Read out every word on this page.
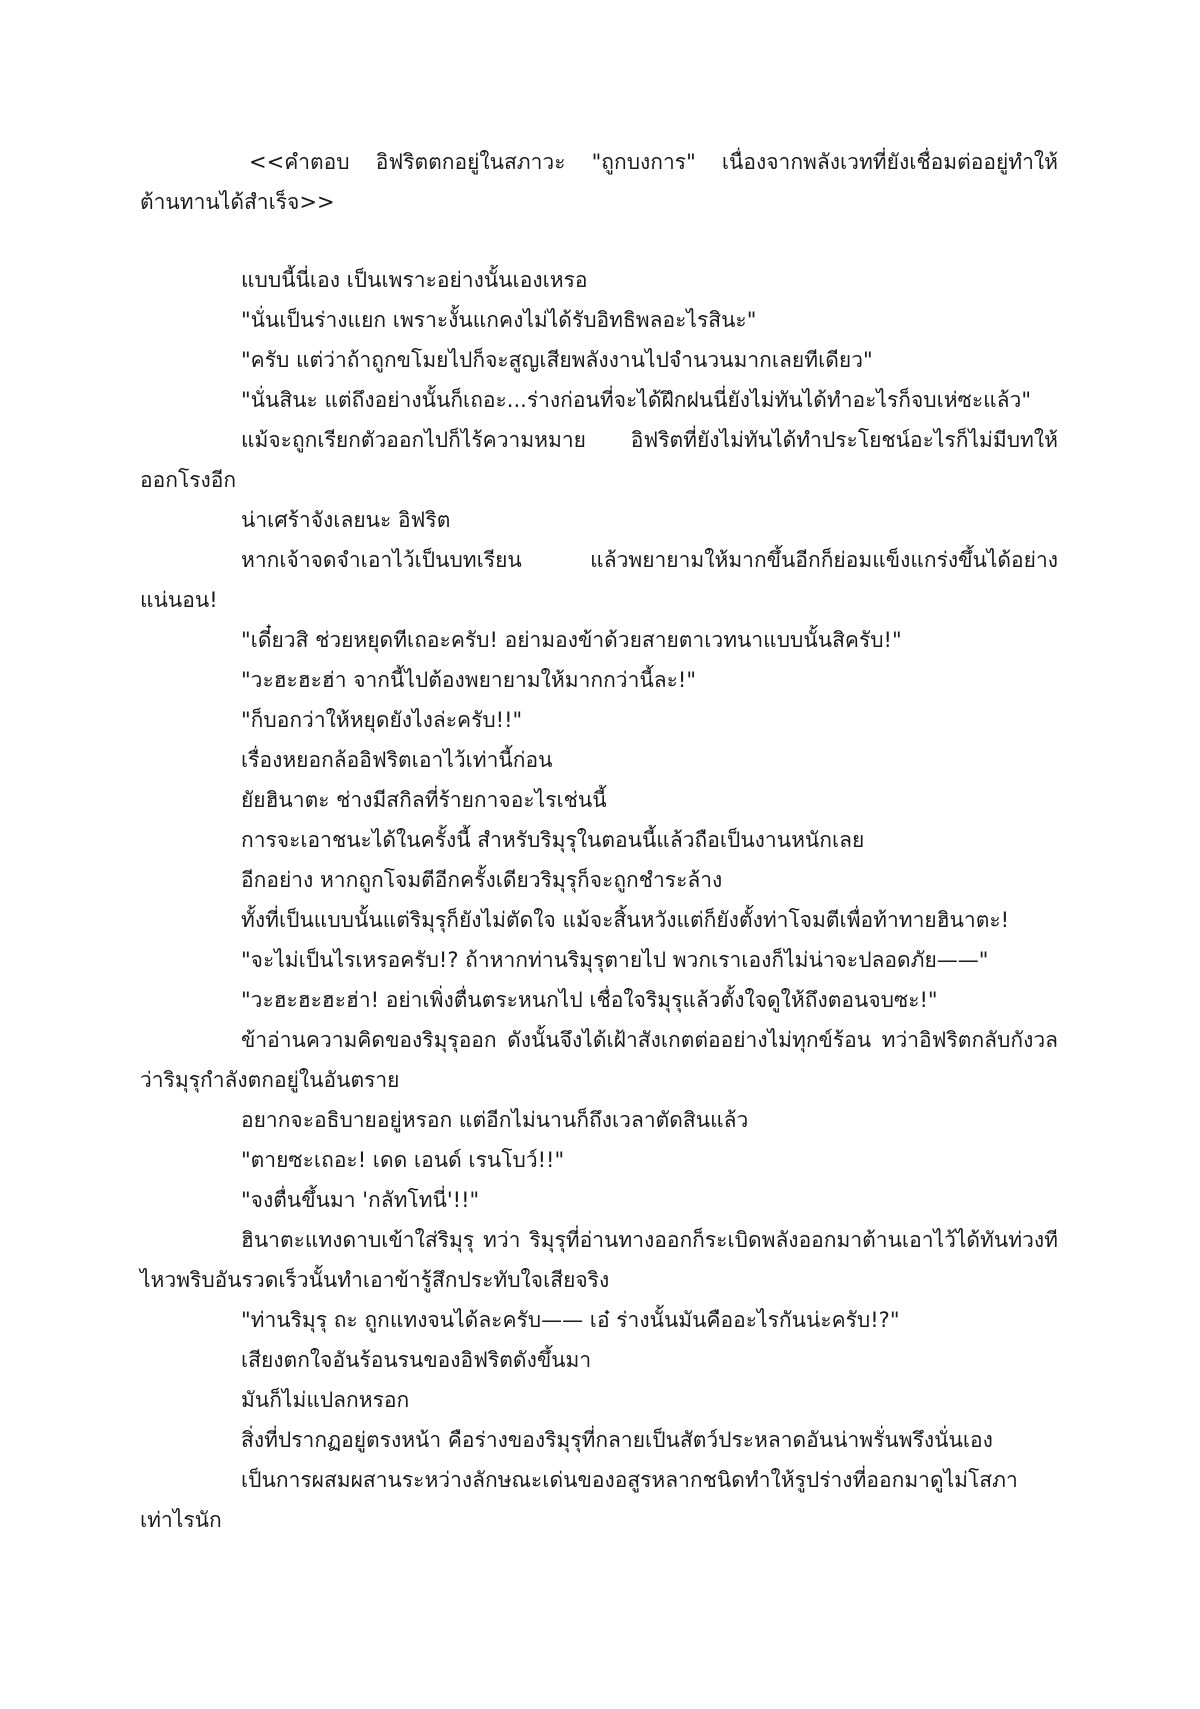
<<คำตอบ อิฟริตตกอยู่ในสภาวะ "ถูกบงการ" เนื่องจากพลังเวทที่ยังเชื่อมต่ออยู่ทำให้ต้านทานได้สำเร็จ>>

แบบนี้นี่เอง เป็นเพราะอย่างนั้นเองเหรอ

"นั่นเป็นร่างแยก เพราะงั้นแกคงไม่ได้รับอิทธิพลอะไรสินะ"

"ครับ แต่ว่าถ้าถูกขโมยไปก็จะสูญเสียพลังงานไปจำนวนมากเลยทีเดียว"

"นั่นสินะ แต่ถึงอย่างนั้นก็เถอะ...ร่างก่อนที่จะได้ฝึกฝนนี่ยังไม่ทันได้ทำอะไรก็จบเห่ซะแล้ว"

แม้จะถูกเรียกตัวออกไปก็ไร้ความหมาย อิฟริตที่ยังไม่ทันได้ทำประโยชน์อะไรก็ไม่มีบทให้ออกโรงอีก

น่าเศร้าจังเลยนะ อิฟริต

หากเจ้าจดจำเอาไว้เป็นบทเรียน แล้วพยายามให้มากขึ้นอีกก็ย่อมแข็งแกร่งขึ้นได้อย่างแน่นอน!

"เดี๋ยวสิ ช่วยหยุดทีเถอะครับ! อย่ามองข้าด้วยสายตาเวทนาแบบนั้นสิครับ!"

"วะฮะฮะฮ่า จากนี้ไปต้องพยายามให้มากกว่านี้ละ!"

"ก็บอกว่าให้หยุดยังไงล่ะครับ!!"

เรื่องหยอกล้ออิฟริตเอาไว้เท่านี้ก่อน

ยัยฮินาตะ ช่างมีสกิลที่ร้ายกาจอะไรเช่นนี้

การจะเอาชนะได้ในครั้งนี้ สำหรับริมุรุในตอนนี้แล้วถือเป็นงานหนักเลย

อีกอย่าง หากถูกโจมตีอีกครั้งเดียวริมุรุก็จะถูกชำระล้าง

ทั้งที่เป็นแบบนั้นแต่ริมุรุก็ยังไม่ตัดใจ แม้จะสิ้นหวังแต่ก็ยังตั้งท่าโจมตีเพื่อท้าทายฮินาตะ!

"จะไม่เป็นไรเหรอครับ!? ถ้าหากท่านริมุรุตายไป พวกเราเองก็ไม่น่าจะปลอดภัย——"

"วะฮะฮะฮะฮ่า! อย่าเพิ่งตื่นตระหนกไป เชื่อใจริมุรุแล้วตั้งใจดูให้ถึงตอนจบซะ!"

ข้าอ่านความคิดของริมุรุออก ดังนั้นจึงได้เฝ้าสังเกตต่ออย่างไม่ทุกข์ร้อน ทว่าอิฟริตกลับกังวลว่าริมุรุกำลังตกอยู่ในอันตราย

อยากจะอธิบายอยู่หรอก แต่อีกไม่นานก็ถึงเวลาตัดสินแล้ว

"ตายซะเถอะ! เดด เอนด์ เรนโบว์!!"

"จงตื่นขึ้นมา 'กลัทโทนี่'!!"

ฮินาตะแทงดาบเข้าใส่ริมุรุ ทว่า ริมุรุที่อ่านทางออกก็ระเบิดพลังออกมาต้านเอาไว้ได้ทันท่วงที ไหวพริบอันรวดเร็วนั้นทำเอาข้ารู้สึกประทับใจเสียจริง

"ท่านริมุรุ ถะ ถูกแทงจนได้ละครับ—— เอ๋ ร่างนั้นมันคืออะไรกันน่ะครับ!?"

เสียงตกใจอันร้อนรนของอิฟริตดังขึ้นมา

มันก็ไม่แปลกหรอก

สิ่งที่ปรากฏอยู่ตรงหน้า คือร่างของริมุรุที่กลายเป็นสัตว์ประหลาดอันน่าพรั่นพรึงนั่นเอง

เป็นการผสมผสานระหว่างลักษณะเด่นของอสูรหลากชนิดทำให้รูปร่างที่ออกมาดูไม่โสภาเท่าไรนัก
